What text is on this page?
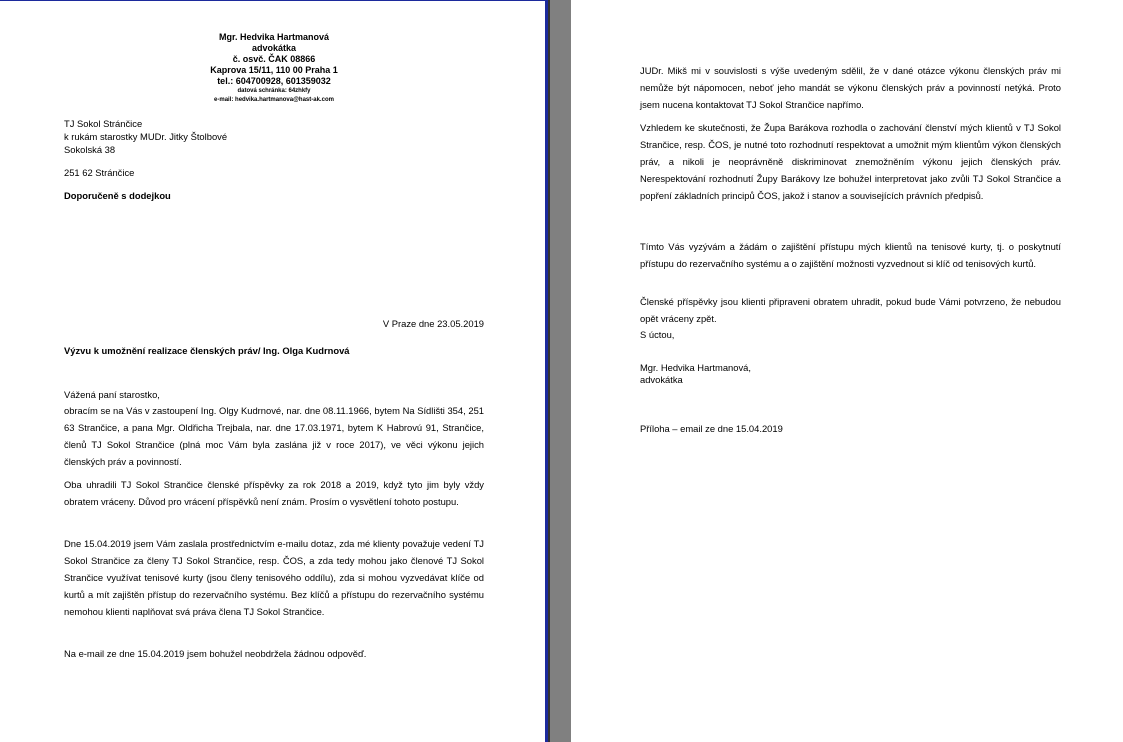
Mgr. Hedvika Hartmanová
advokátka
č. osvč. ČAK 08866
Kaprova 15/11, 110 00 Praha 1
tel.: 604700928, 601359032
datová schránka: 64zhkfy
e-mail: hedvika.hartmanova@hast-ak.com
TJ Sokol Stránčice
k rukám starostky MUDr. Jitky Štolbové
Sokolská 38
251 62 Stránčice
Doporučeně s dodejkou
V Praze dne 23.05.2019
Výzvu k umožnění realizace členských práv/ Ing. Olga Kudrnová
Vážená paní starostko,
obracím se na Vás v zastoupení Ing. Olgy Kudrnové, nar. dne 08.11.1966, bytem Na Sídlišti 354, 251 63 Strančice, a pana Mgr. Oldřicha Trejbala, nar. dne 17.03.1971, bytem K Habrovú 91, Strančice, členů TJ Sokol Strančice (plná moc Vám byla zaslána již v roce 2017), ve věci výkonu jejich členských práv a povinností.
Oba uhradili TJ Sokol Strančice členské příspěvky za rok 2018 a 2019, když tyto jim byly vždy obratem vráceny. Důvod pro vrácení příspěvků není znám. Prosím o vysvětlení tohoto postupu.
Dne 15.04.2019 jsem Vám zaslala prostřednictvím e-mailu dotaz, zda mé klienty považuje vedení TJ Sokol Strančice za členy TJ Sokol Strančice, resp. ČOS, a zda tedy mohou jako členové TJ Sokol Strančice využívat tenisové kurty (jsou členy tenisového oddílu), zda si mohou vyzvedávat klíče od kurtů a mít zajištěn přístup do rezervačního systému. Bez klíčů a přístupu do rezervačního systému nemohou klienti naplňovat svá práva člena TJ Sokol Strančice.
Na e-mail ze dne 15.04.2019 jsem bohužel neobdržela žádnou odpověď.
JUDr. Mikš mi v souvislosti s výše uvedeným sdělil, že v dané otázce výkonu členských práv mi nemůže být nápomocen, neboť jeho mandát se výkonu členských práv a povinností netýká. Proto jsem nucena kontaktovat TJ Sokol Strančice napřímo.
Vzhledem ke skutečnosti, že Župa Barákova rozhodla o zachování členství mých klientů v TJ Sokol Strančice, resp. ČOS, je nutné toto rozhodnutí respektovat a umožnit mým klientům výkon členských práv, a nikoli je neoprávněně diskriminovat znemožněním výkonu jejich členských práv. Nerespektování rozhodnutí Župy Barákovy lze bohužel interpretovat jako zvůli TJ Sokol Strančice a popření základních principů ČOS, jakož i stanov a souvisejících právních předpisů.
Tímto Vás vyzývám a žádám o zajištění přístupu mých klientů na tenisové kurty, tj. o poskytnutí přístupu do rezervačního systému a o zajištění možnosti vyzvednout si klíč od tenisových kurtů.
Členské příspěvky jsou klienti připraveni obratem uhradit, pokud bude Vámi potvrzeno, že nebudou opět vráceny zpět.
S úctou,
Mgr. Hedvika Hartmanová,
advokátka
Příloha – email ze dne 15.04.2019
